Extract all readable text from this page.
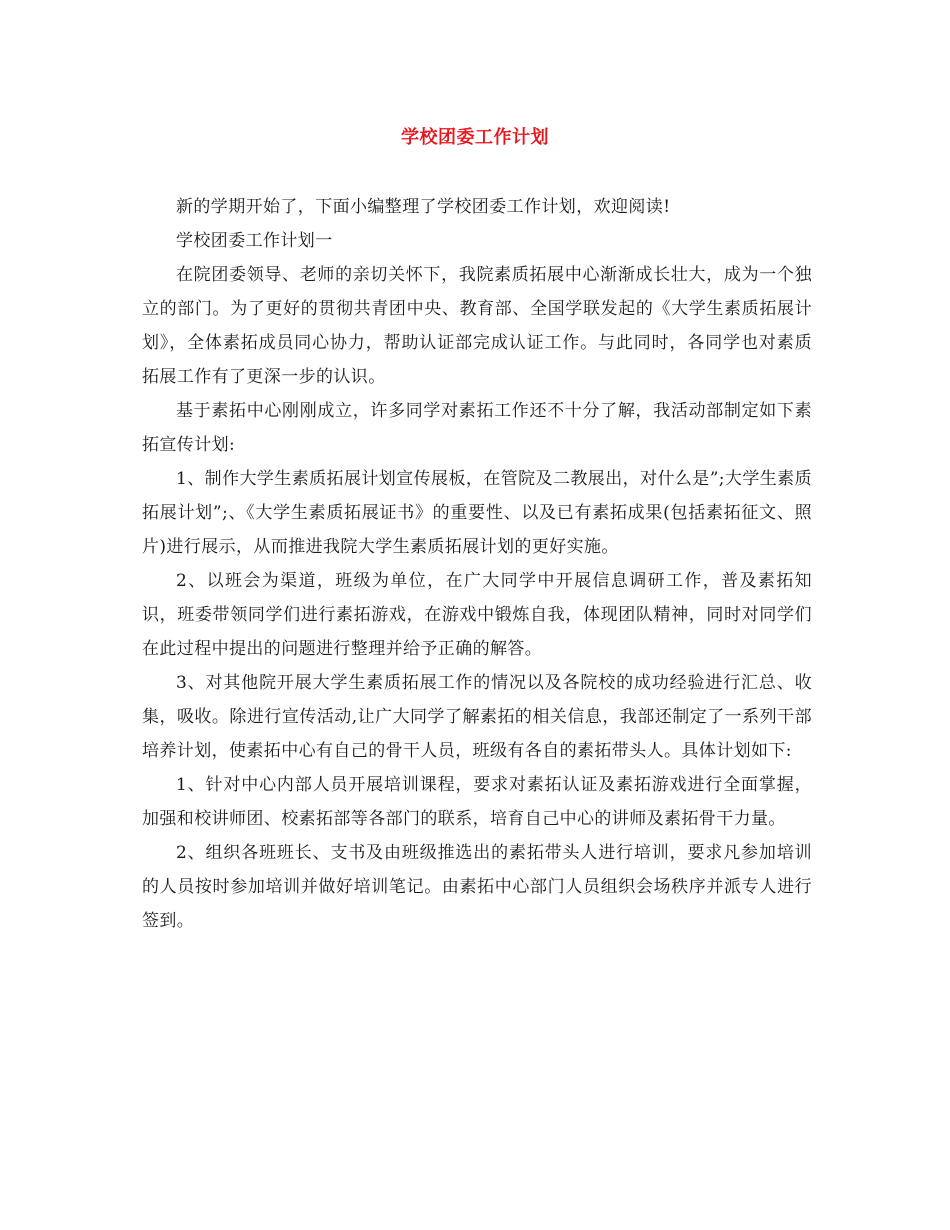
学校团委工作计划

新的学期开始了，下面小编整理了学校团委工作计划，欢迎阅读!

学校团委工作计划一

在院团委领导、老师的亲切关怀下，我院素质拓展中心渐渐成长壮大，成为一个独立的部门。为了更好的贯彻共青团中央、教育部、全国学联发起的《大学生素质拓展计划》，全体素拓成员同心协力，帮助认证部完成认证工作。与此同时，各同学也对素质拓展工作有了更深一步的认识。

基于素拓中心刚刚成立，许多同学对素拓工作还不十分了解，我活动部制定如下素拓宣传计划:

1、制作大学生素质拓展计划宣传展板，在管院及二教展出，对什么是”;大学生素质拓展计划”;、《大学生素质拓展证书》的重要性、以及已有素拓成果(包括素拓征文、照片)进行展示，从而推进我院大学生素质拓展计划的更好实施。

2、以班会为渠道，班级为单位，在广大同学中开展信息调研工作，普及素拓知识，班委带领同学们进行素拓游戏，在游戏中锻炼自我，体现团队精神，同时对同学们在此过程中提出的问题进行整理并给予正确的解答。

3、对其他院开展大学生素质拓展工作的情况以及各院校的成功经验进行汇总、收集，吸收。除进行宣传活动,让广大同学了解素拓的相关信息，我部还制定了一系列干部培养计划，使素拓中心有自己的骨干人员，班级有各自的素拓带头人。具体计划如下:

1、针对中心内部人员开展培训课程，要求对素拓认证及素拓游戏进行全面掌握，加强和校讲师团、校素拓部等各部门的联系，培育自己中心的讲师及素拓骨干力量。

2、组织各班班长、支书及由班级推选出的素拓带头人进行培训，要求凡参加培训的人员按时参加培训并做好培训笔记。由素拓中心部门人员组织会场秩序并派专人进行签到。
